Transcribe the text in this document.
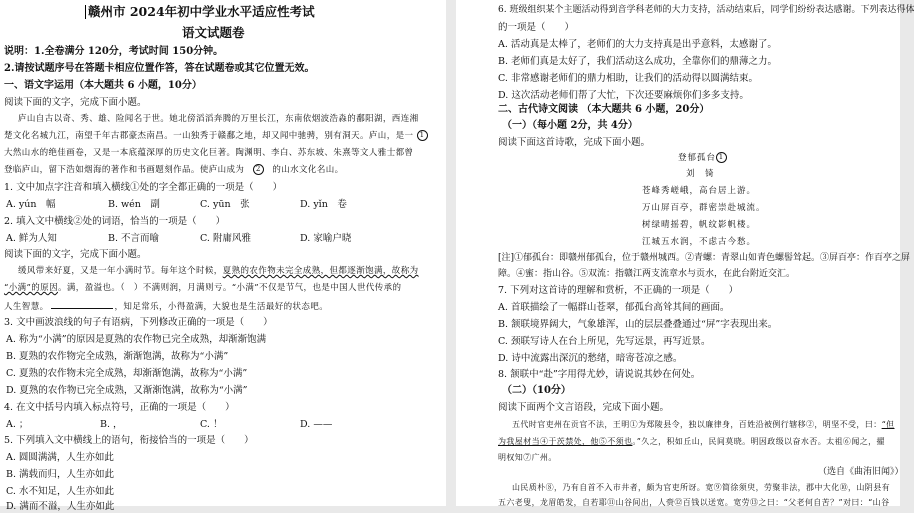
赣州市 2024年初中学业水平适应性考试
语文试题卷
说明：1.全卷满分 120分，考试时间 150分钟。
2.请按试题序号在答题卡相应位置作答，答在试题卷或其它位置无效。
一、语文字运用（本大题共 6 小题，10分）
阅读下面的文字，完成下面小题。
庐山自古以奇、秀、雄、险闻名于世。她北傍滔滔奔腾的万里长江，东南依烟波浩淼的鄱阳湖，西连湘
楚文化名城九江，南望千年古郡豪杰南昌。一山独秀于赣鄱之地，却又闻中驰骋，别有洞天。庐山，是一 1
大然山水的绝佳画卷，又是一本底蕴深厚的历史文化巨著。陶渊明、李白、苏东坡、朱熹等文人雅士都曾
登临庐山，留下浩如烟海的著作和书画题刻作品。使庐山成为 2 的山水文化名山。
1. 文中加点字注音和填入横线①处的字全都正确的一项是（　　）
A. yún　幅	B. wén　副	C. yūn　张	D. yǐn　卷
2. 填入文中横线②处的词语，恰当的一项是（　　）
A. 鲜为人知	B. 不言而喻	C. 附庸风雅	D. 家喻户晓
阅读下面的文字，完成下面小题。
缓风带来好夏，又是一年小满时节。每年这个时候，夏熟的农作物未完全成熟，但都逐渐饱满，故称为
“小满”的原因。满，盈溢也。（　）不满则润，月满则亏。“小满”不仅是节气，也是中国人世代传承的
人生智慧。	，知足常乐，小得盈满，大貌也是生活最好的状态吧。
3. 文中画波浪线的句子有语病，下列修改正确的一项是（　　）
A. 称为“小满”的原因是夏熟的农作物已完全成熟，却渐渐饱满
B. 夏熟的农作物完全成熟，渐渐饱满，故称为“小满”
C. 夏熟的农作物未完全成熟，却渐渐饱满，故称为“小满”
D. 夏熟的农作物已完全成熟，又渐渐饱满，故称为“小满”
4. 在文中括号内填入标点符号，正确的一项是（　　）
A. ；	B. ，	C. ！	D. ——
5. 下列填入文中横线上的语句，衔接恰当的一项是（　　）
A. 圆圆满满，人生亦如此
B. 满载而归，人生亦如此
C. 水不知足，人生亦如此
D. 满而不溢，人生亦如此
6. 班级组织某个主题活动得到音学科老师的大力支持，活动结束后，同学们纷纷表达感谢。下列表达得体
的一项是（　　）
A. 活动真是太棒了，老师们的大力支持真是出乎意料，太感谢了。
B. 老师们真是太好了，我们活动这么成功，全靠你们的鼎薄之力。
C. 非常感谢老师们的鼎力相助，让我们的活动得以圆满结束。
D. 这次活动老师们帮了大忙，下次还要麻烦你们多多支持。
二、古代诗文阅读 （本大题共 6 小题，20分）
（一）（每小题 2分，共 4分）
阅读下面这首诗歌，完成下面小题。
登郁孤台 1
刘　锜
苍峰秀嵯峨，高台居上游。
万山屏百亭，群密崇赴城流。
树绿晴摇碧，帆纹影帆楼。
江城五水润，不虑古今愁。
[注]①郁孤台：即赣州郁孤台，位于赣州城西。②青螺：青翠山如青色螺髻耸起。③屏百亭：作百亭之屏
障。④蜜：指山谷。⑤双流：指赣江两支流章水与贡水，在此台附近交汇。
7. 下列对这首诗的理解和赏析，不正确的一项是（　　）
A. 首联描绘了一幅群山苍翠，郁孤台高耸其间的画面。
B. 颔联境界阔大，气象雄浑，山的层层叠叠通过“屏”字表现出来。
C. 颈联写诗人在台上所见，先写远景，再写近景。
D. 诗中流露出深沉的愁绪，暗寄苍凉之感。
8. 颔联中“赴”字用得尤妙，请说说其妙在何处。
（二）（10分）
阅读下面两个文言语段，完成下面小题。
五代时官吏州在贡官不法，王明①为郑陵县令，独以廉律身，百姓沿被例行辖移②，明坚不受，曰：“但
为我屋材当④于茨禁处，他⑤不须也。”久之，积如丘山，民间莫晓。明因政级以奋水否。太祖⑥闻之，擢
明权知⑦广州。
（选自《曲洧旧闻》）
山民质朴⑧，乃有自首不入市井者，颇为官吏所讶。宽⑨简徐须臾，劳聚非法，郡中大化⑩，山阴县有
五六老叟，龙眉皓发，自若耶⑪山谷间出，人赍⑫百钱以送宽。宽劳⑬之曰：“父老何自苦？”对曰：“山谷
